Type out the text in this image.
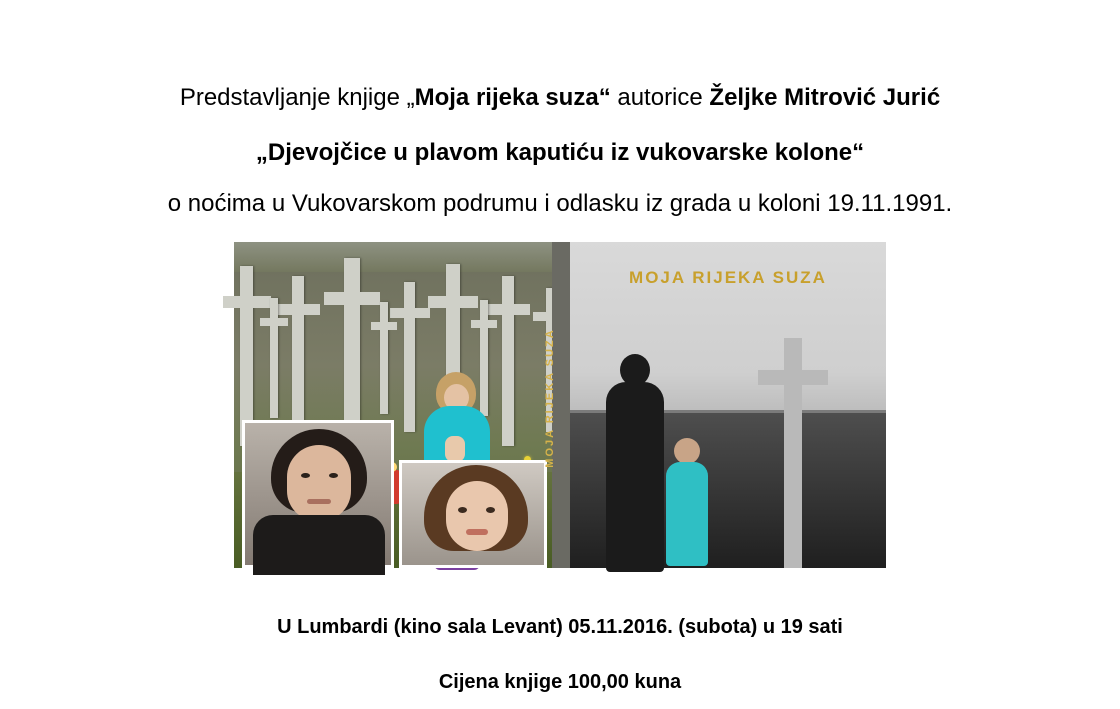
Predstavljanje knjige „Moja rijeka suza“ autorice Željke Mitrović Jurić
„Djevojčice u plavom kaputiću iz vukovarske kolone“
o noćima u Vukovarskom podrumu i odlasku iz grada u koloni 19.11.1991.
MOJA RIJEKA SUZA
MOJA RIJEKA SUZA
U Lumbardi (kino sala Levant) 05.11.2016. (subota) u 19 sati
Cijena knjige 100,00 kuna
